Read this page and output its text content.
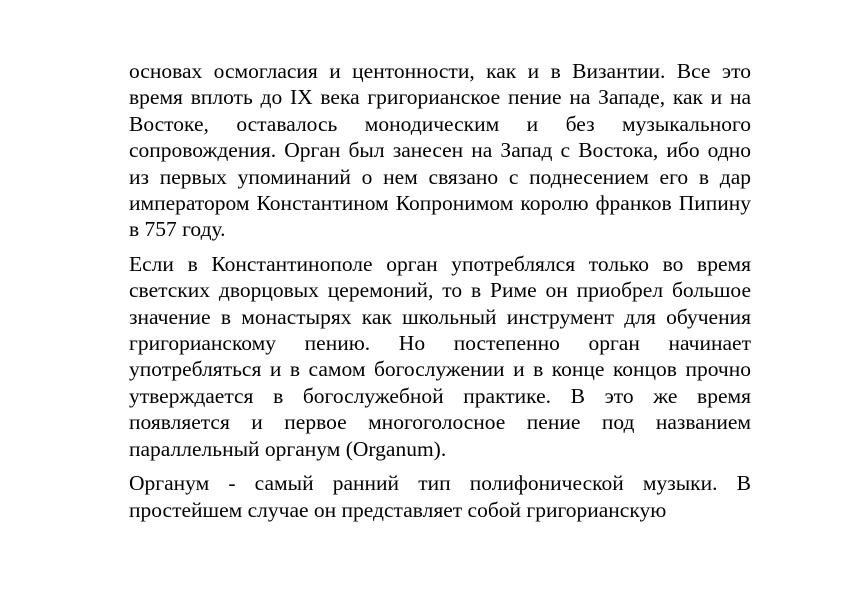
основах осмогласия и центонности, как и в Византии. Все это время вплоть до IX века григорианское пение на Западе, как и на Востоке, оставалось монодическим и без музыкального сопровождения. Орган был занесен на Запад с Востока, ибо одно из первых упоминаний о нем связано с поднесением его в дар императором Константином Копронимом королю франков Пипину в 757 году.

Если в Константинополе орган употреблялся только во время светских дворцовых церемоний, то в Риме он приобрел большое значение в монастырях как школьный инструмент для обучения григорианскому пению. Но постепенно орган начинает употребляться и в самом богослужении и в конце концов прочно утверждается в богослужебной практике. В это же время появляется и первое многоголосное пение под названием параллельный органум (Organum).

Органум - самый ранний тип полифонической музыки. В простейшем случае он представляет собой григорианскую
